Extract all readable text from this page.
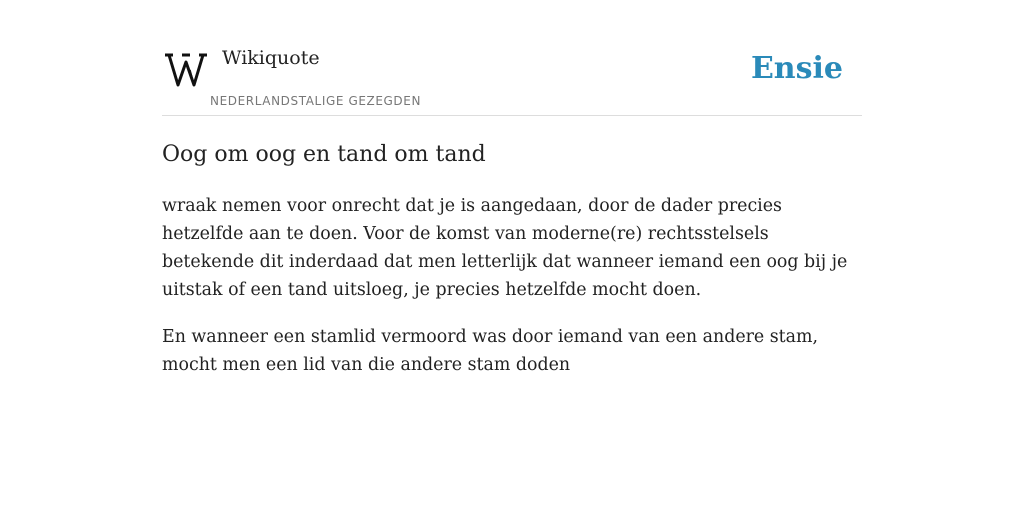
Wikiquote
NEDERLANDSTALIGE GEZEGDEN
Ensie
Oog om oog en tand om tand

wraak nemen voor onrecht dat je is aangedaan, door de dader precies hetzelfde aan te doen. Voor de komst van moderne(re) rechtsstelsels betekende dit inderdaad dat men letterlijk dat wanneer iemand een oog bij je uitstak of een tand uitsloeg, je precies hetzelfde mocht doen.

En wanneer een stamlid vermoord was door iemand van een andere stam, mocht men een lid van die andere stam doden
